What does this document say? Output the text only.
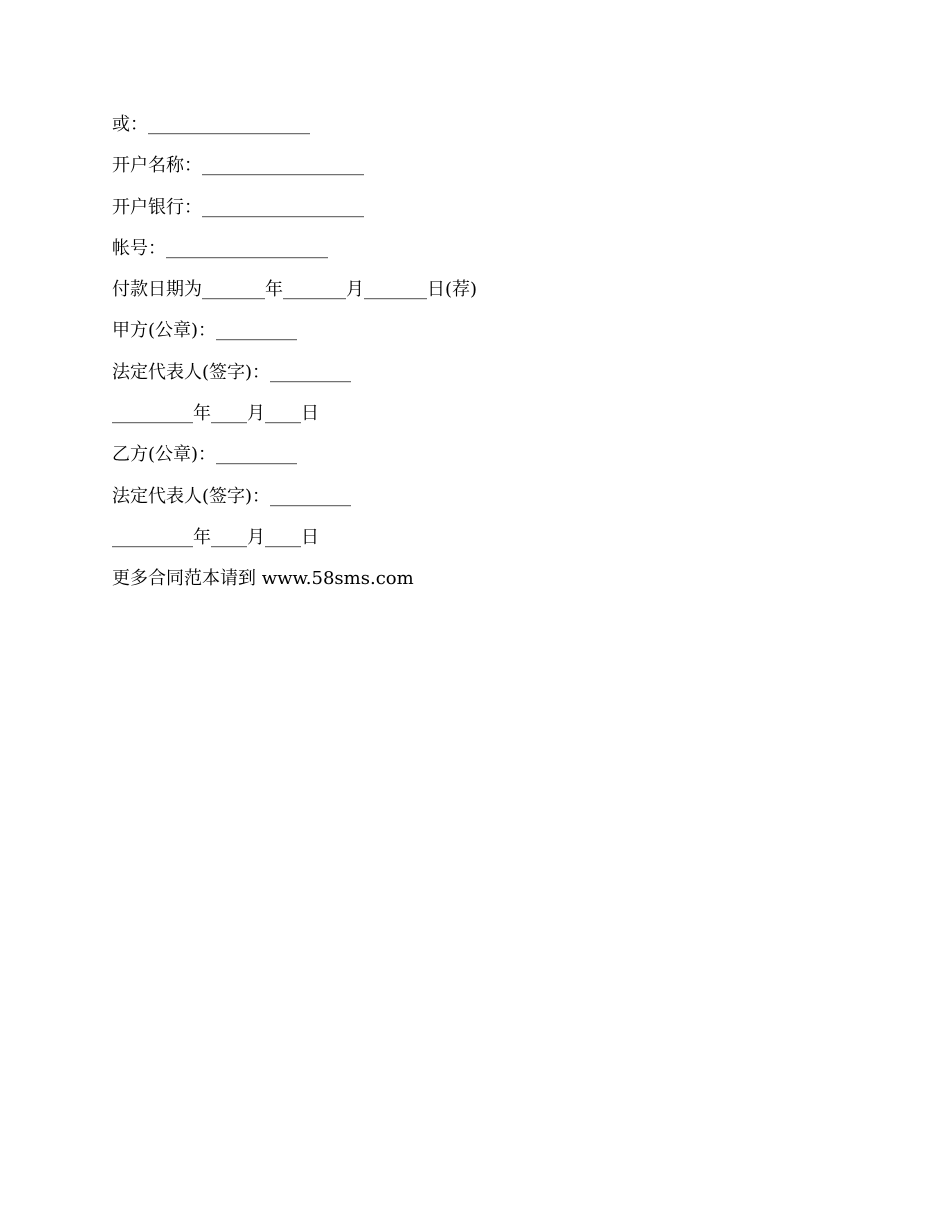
或：__________________
开户名称：__________________
开户银行：__________________
帐号：__________________
付款日期为_______年_______月_______日(荐)
甲方(公章)：_________
法定代表人(签字)：_________
_________年____月____日
乙方(公章)：_________
法定代表人(签字)：_________
_________年____月____日
更多合同范本请到 www.58sms.com
